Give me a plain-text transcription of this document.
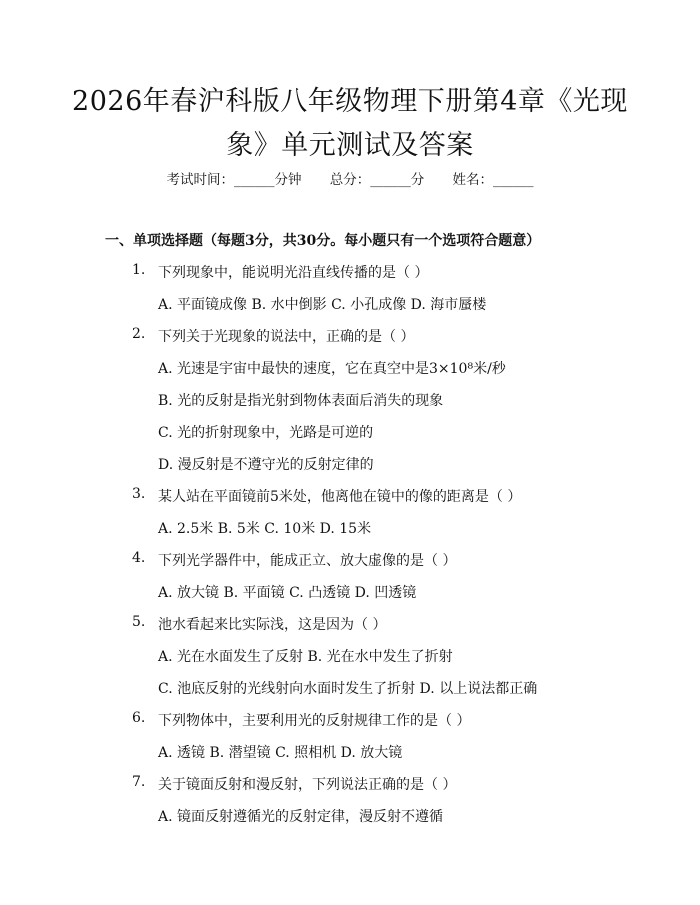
2026年春沪科版八年级物理下册第4章《光现象》单元测试及答案
考试时间：______分钟 总分：______分 姓名：______
一、单项选择题（每题3分，共30分。每小题只有一个选项符合题意）
1. 下列现象中，能说明光沿直线传播的是（ ）
A. 平面镜成像 B. 水中倒影 C. 小孔成像 D. 海市蜃楼
2. 下列关于光现象的说法中，正确的是（ ）
A. 光速是宇宙中最快的速度，它在真空中是3×10⁸米/秒
B. 光的反射是指光射到物体表面后消失的现象
C. 光的折射现象中，光路是可逆的
D. 漫反射是不遵守光的反射定律的
3. 某人站在平面镜前5米处，他离他在镜中的像的距离是（ ）
A. 2.5米 B. 5米 C. 10米 D. 15米
4. 下列光学器件中，能成正立、放大虚像的是（ ）
A. 放大镜 B. 平面镜 C. 凸透镜 D. 凹透镜
5. 池水看起来比实际浅，这是因为（ ）
A. 光在水面发生了反射 B. 光在水中发生了折射
C. 池底反射的光线射向水面时发生了折射 D. 以上说法都正确
6. 下列物体中，主要利用光的反射规律工作的是（ ）
A. 透镜 B. 潜望镜 C. 照相机 D. 放大镜
7. 关于镜面反射和漫反射，下列说法正确的是（ ）
A. 镜面反射遵循光的反射定律，漫反射不遵循
